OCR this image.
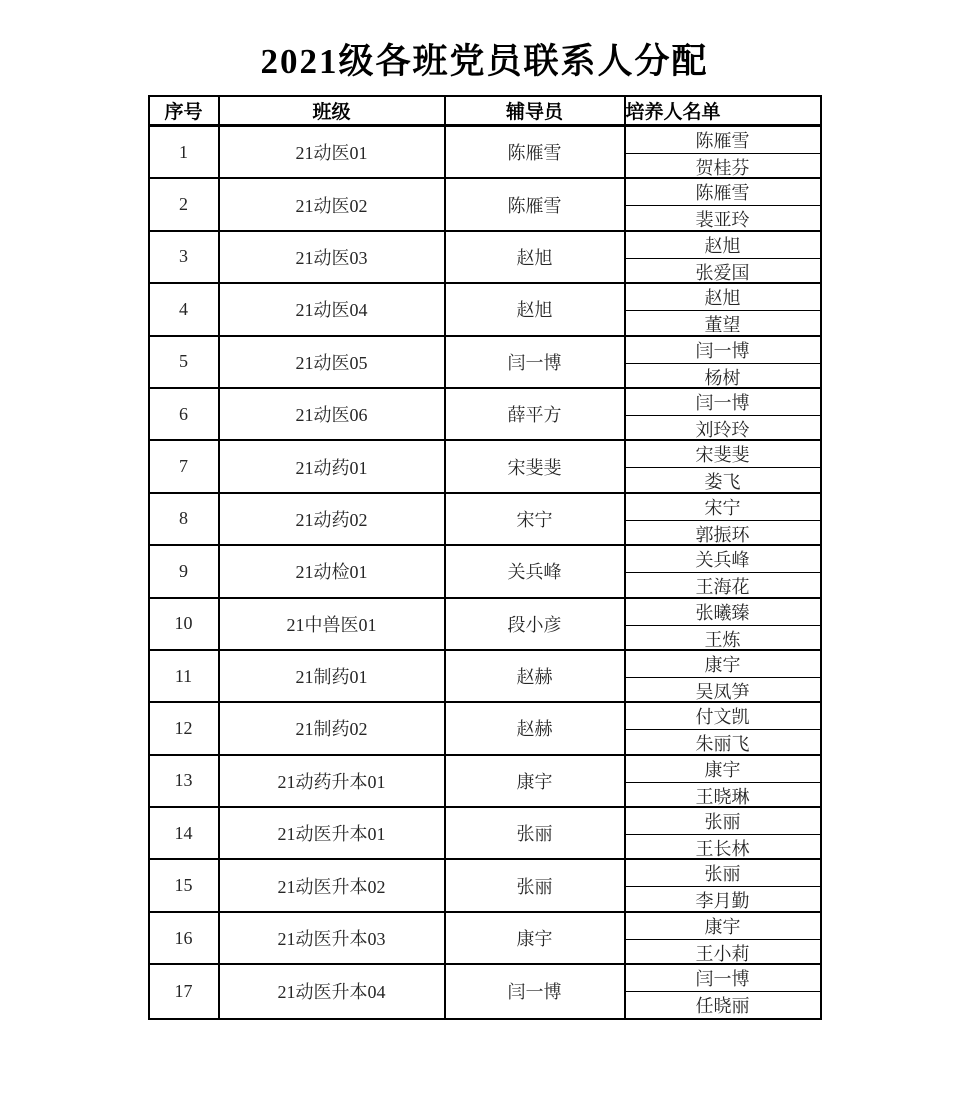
2021级各班党员联系人分配
序号	班级	辅导员	培养人名单
1	21动医01	陈雁雪
陈雁雪
贺桂芬
2	21动医02	陈雁雪
陈雁雪
裴亚玲
3	21动医03	赵旭
赵旭
张爱国
4	21动医04	赵旭
赵旭
董望
5	21动医05	闫一博
闫一博
杨树
6	21动医06	薛平方
闫一博
刘玲玲
7	21动药01	宋斐斐
宋斐斐
娄飞
8	21动药02	宋宁
宋宁
郭振环
9	21动检01	关兵峰
关兵峰
王海花
10	21中兽医01	段小彦
张曦臻
王炼
11	21制药01	赵赫
康宇
吴凤笋
12	21制药02	赵赫
付文凯
朱丽飞
13	21动药升本01	康宇
康宇
王晓琳
14	21动医升本01	张丽
张丽
王长林
15	21动医升本02	张丽
张丽
李月勤
16	21动医升本03	康宇
康宇
王小莉
17	21动医升本04	闫一博
闫一博
任晓丽
